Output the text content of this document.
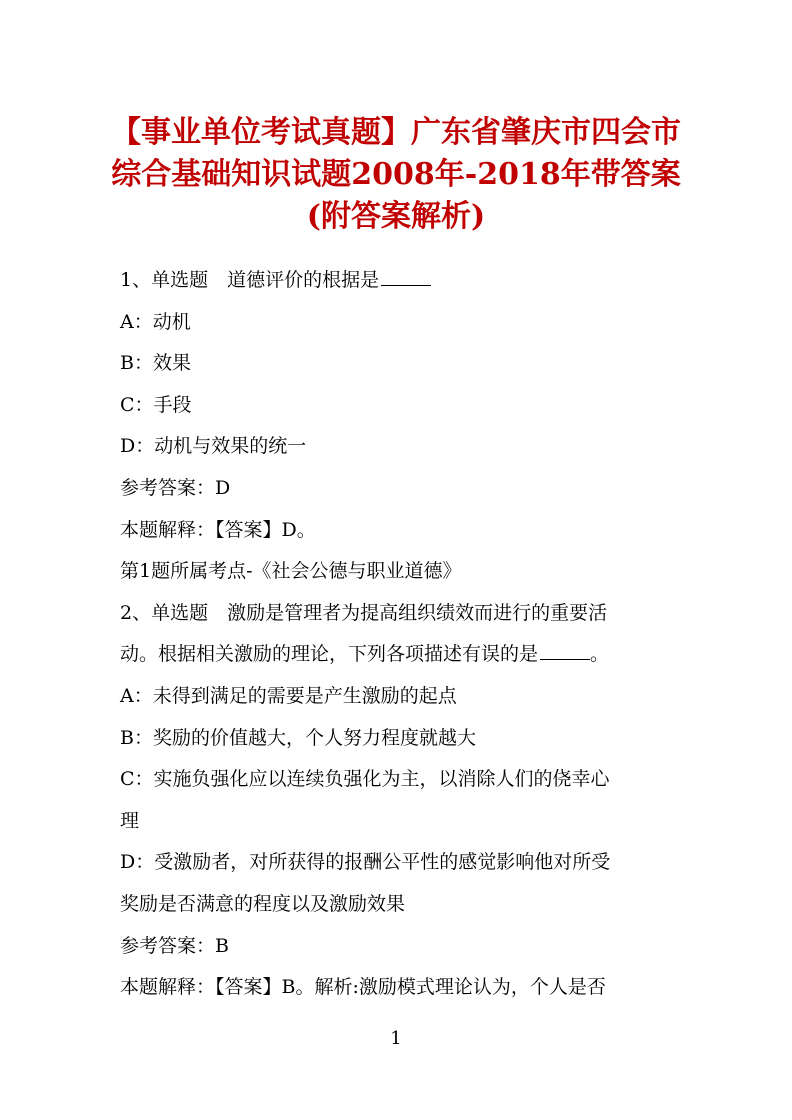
【事业单位考试真题】广东省肇庆市四会市
综合基础知识试题2008年-2018年带答案
(附答案解析)
1、单选题　道德评价的根据是
A：动机
B：效果
C：手段
D：动机与效果的统一
参考答案：D
本题解释：【答案】D。
第1题所属考点-《社会公德与职业道德》
2、单选题　激励是管理者为提高组织绩效而进行的重要活
动。根据相关激励的理论，下列各项描述有误的是	。
A：未得到满足的需要是产生激励的起点
B：奖励的价值越大，个人努力程度就越大
C：实施负强化应以连续负强化为主，以消除人们的侥幸心
理
D：受激励者，对所获得的报酬公平性的感觉影响他对所受
奖励是否满意的程度以及激励效果
参考答案：B
本题解释：【答案】B。解析:激励模式理论认为，个人是否
1
